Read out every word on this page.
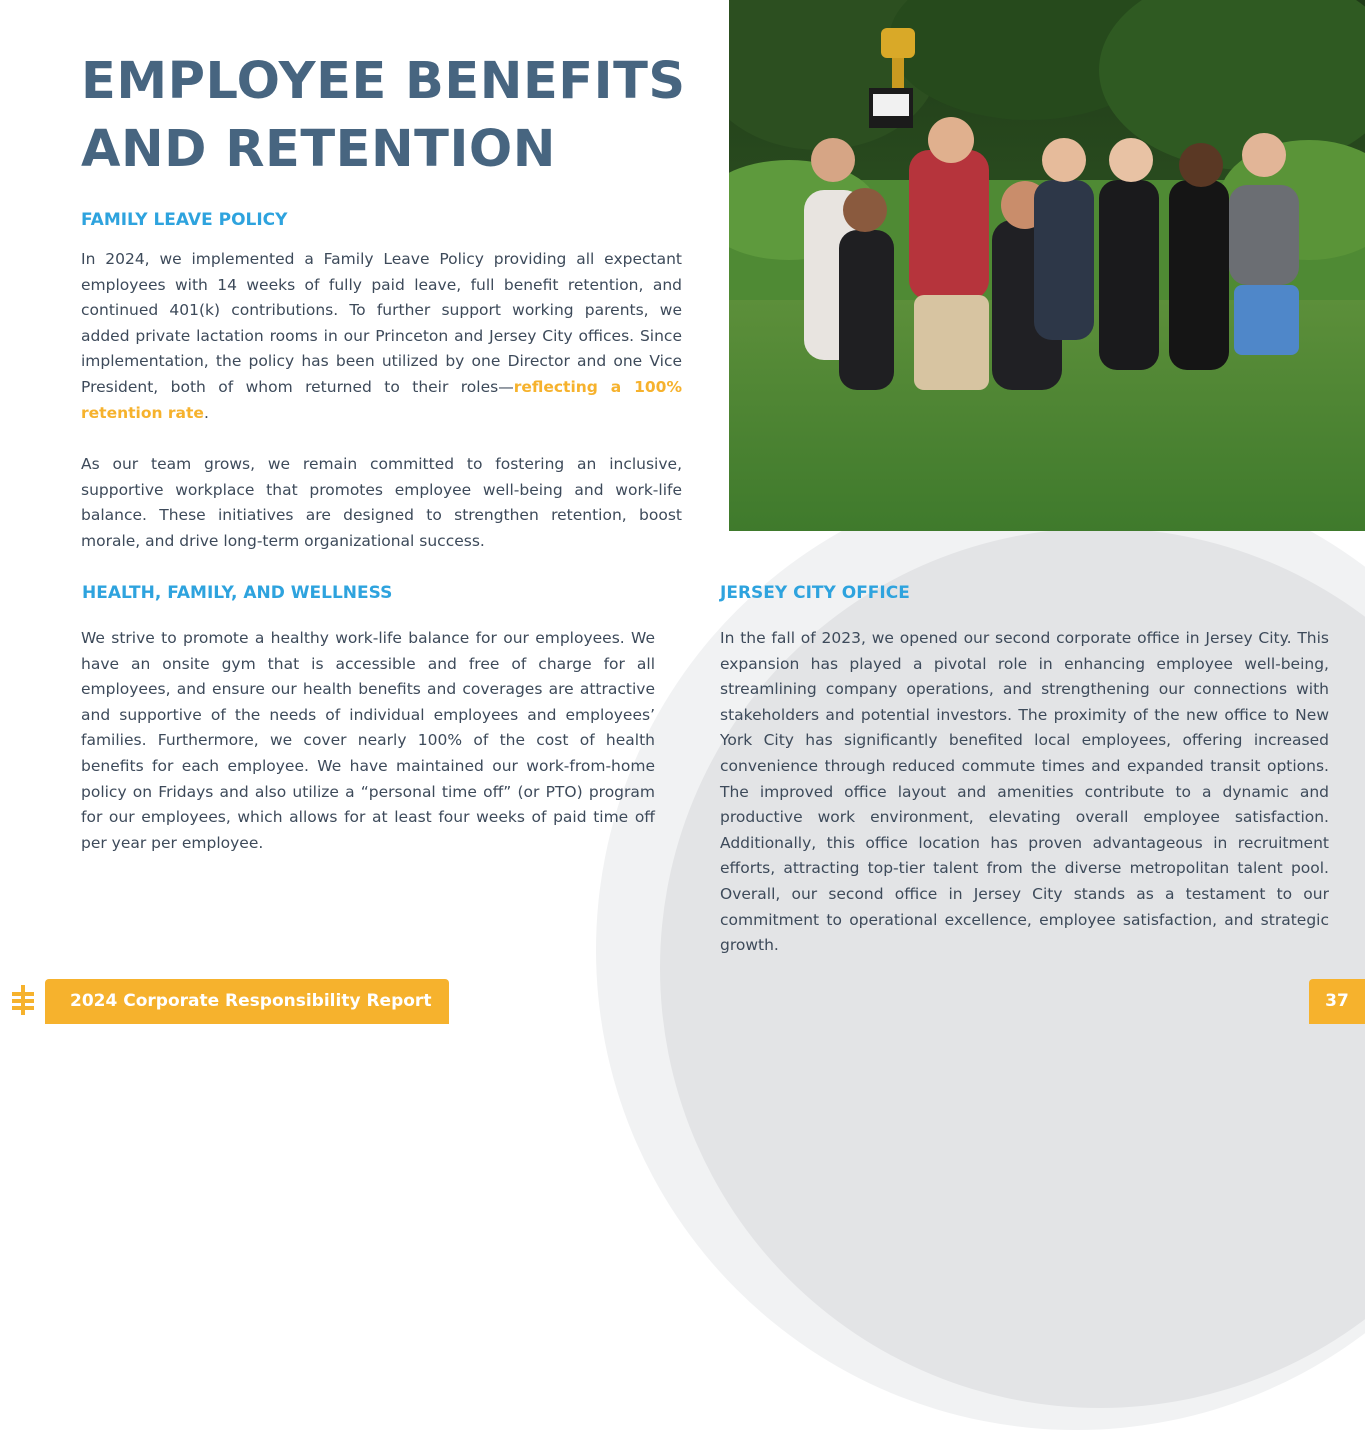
EMPLOYEE BENEFITS
AND RETENTION
FAMILY LEAVE POLICY

In 2024, we implemented a Family Leave Policy providing all expectant employees with 14 weeks of fully paid leave, full benefit retention, and continued 401(k) contributions. To further support working parents, we added private lactation rooms in our Princeton and Jersey City offices. Since implementation, the policy has been utilized by one Director and one Vice President, both of whom returned to their roles—reflecting a 100% retention rate.

As our team grows, we remain committed to fostering an inclusive, supportive workplace that promotes employee well-being and work-life balance. These initiatives are designed to strengthen retention, boost morale, and drive long-term organizational success.

HEALTH, FAMILY, AND WELLNESS

We strive to promote a healthy work-life balance for our employees. We have an onsite gym that is accessible and free of charge for all employees, and ensure our health benefits and coverages are attractive and supportive of the needs of individual employees and employees’ families. Furthermore, we cover nearly 100% of the cost of health benefits for each employee. We have maintained our work-from-home policy on Fridays and also utilize a “personal time off” (or PTO) program for our employees, which allows for at least four weeks of paid time off per year per employee.

JERSEY CITY OFFICE

In the fall of 2023, we opened our second corporate office in Jersey City. This expansion has played a pivotal role in enhancing employee well-being, streamlining company operations, and strengthening our connections with stakeholders and potential investors. The proximity of the new office to New York City has significantly benefited local employees, offering increased convenience through reduced commute times and expanded transit options. The improved office layout and amenities contribute to a dynamic and productive work environment, elevating overall employee satisfaction. Additionally, this office location has proven advantageous in recruitment efforts, attracting top-tier talent from the diverse metropolitan talent pool. Overall, our second office in Jersey City stands as a testament to our commitment to operational excellence, employee satisfaction, and strategic growth.

2024 Corporate Responsibility Report	37
